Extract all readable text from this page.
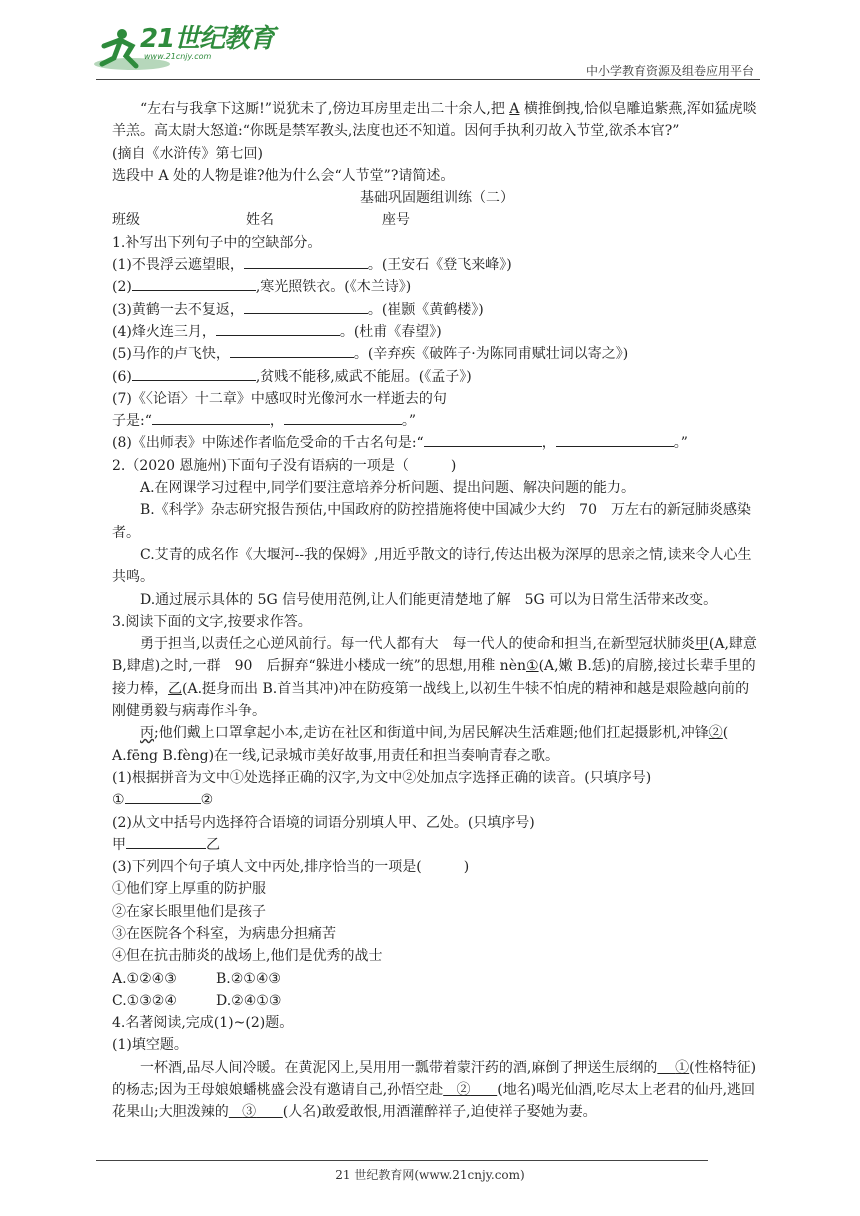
21世纪教育
www.21cnjy.com
中小学教育资源及组卷应用平台

“左右与我拿下这厮!”说犹未了,傍边耳房里走出二十余人,把 A 横推倒拽,恰似皂雕追紫燕,浑如猛虎啖羊羔。高太尉大怒道:“你既是禁军教头,法度也还不知道。因何手执利刃故入节堂,欲杀本官?”

(摘自《水浒传》第七回)

选段中 A 处的人物是谁?他为什么会“人节堂”?请简述。

基础巩固题组训练（二）

班级	姓名	座号

1.补写出下列句子中的空缺部分。

(1)不畏浮云遮望眼，	。(王安石《登飞来峰》)

(2)	,寒光照铁衣。(《木兰诗》)

(3)黄鹤一去不复返，	。(崔颢《黄鹤楼》)

(4)烽火连三月，	。(杜甫《春望》)

(5)马作的卢飞快，	。(辛弃疾《破阵子·为陈同甫赋壮词以寄之》)

(6)	,贫贱不能移,威武不能屈。(《孟子》)

(7)《〈论语〉十二章》中感叹时光像河水一样逝去的句

子是:“	，	。”

(8)《出师表》中陈述作者临危受命的千古名句是:“	，	。”

2.（2020 恩施州)下面句子没有语病的一项是（　　　)

A.在网课学习过程中,同学们要注意培养分析问题、提出问题、解决问题的能力。

B.《科学》杂志研究报告预估,中国政府的防控措施将使中国减少大约　70　万左右的新冠肺炎感染者。

C.艾青的成名作《大堰河--我的保姆》,用近乎散文的诗行,传达出极为深厚的思亲之情,读来令人心生共鸣。

D.通过展示具体的 5G 信号使用范例,让人们能更清楚地了解　5G 可以为日常生活带来改变。

3.阅读下面的文字,按要求作答。

勇于担当,以责任之心逆风前行。每一代人都有大　每一代人的使命和担当,在新型冠状肺炎甲(A,肆意　B,肆虐)之时,一群　90　后摒弃“躲进小楼成一统”的思想,用稚 nèn①(A,嫩 B.恁)的肩膀,接过长辈手里的接力棒，乙(A.挺身而出 B.首当其冲)冲在防疫第一战线上,以初生牛犊不怕虎的精神和越是艰险越向前的刚健勇毅与病毒作斗争。

丙;他们戴上口罩拿起小本,走访在社区和街道中间,为居民解决生活难题;他们扛起摄影机,冲锋②( A.fēng B.fèng)在一线,记录城市美好故事,用责任和担当奏响青春之歌。

(1)根据拼音为文中①处选择正确的汉字,为文中②处加点字选择正确的读音。(只填序号)

①	②

(2)从文中括号内选择符合语境的词语分别填人甲、乙处。(只填序号)

甲	乙

(3)下列四个句子填人文中丙处,排序恰当的一项是(　　　)

①他们穿上厚重的防护服

②在家长眼里他们是孩子

③在医院各个科室，为病患分担痛苦

④但在抗击肺炎的战场上,他们是优秀的战士

A.①②④③	B.②①④③

C.①③②④	D.②④①③

4.名著阅读,完成(1)~(2)题。

(1)填空题。

一杯酒,品尽人间冷暖。在黄泥冈上,吴用用一瓢带着蒙汗药的酒,麻倒了押送生辰纲的 ①(性格特征)的杨志;因为王母娘娘蟠桃盛会没有邀请自己,孙悟空赴 ② (地名)喝光仙酒,吃尽太上老君的仙丹,逃回花果山;大胆泼辣的 ③ (人名)敢爱敢恨,用酒灌醉祥子,迫使祥子娶她为妻。

21 世纪教育网(www.21cnjy.com)
